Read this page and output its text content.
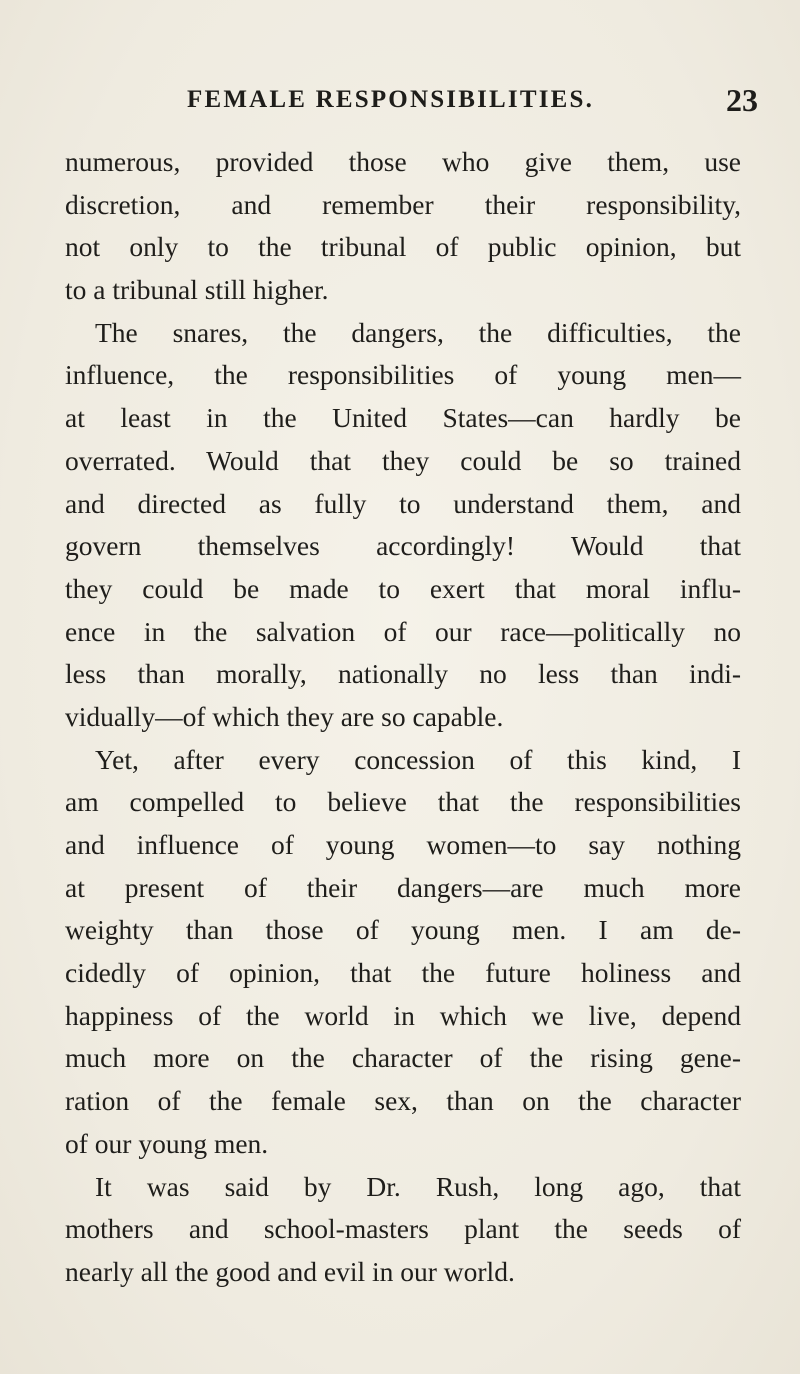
FEMALE RESPONSIBILITIES.	23
numerous, provided those who give them, use
discretion, and remember their responsibility,
not only to the tribunal of public opinion, but
to a tribunal still higher.
The snares, the dangers, the difficulties, the
influence, the responsibilities of young men—
at least in the United States—can hardly be
overrated. Would that they could be so trained
and directed as fully to understand them, and
govern themselves accordingly! Would that
they could be made to exert that moral influ-
ence in the salvation of our race—politically no
less than morally, nationally no less than indi-
vidually—of which they are so capable.
Yet, after every concession of this kind, I
am compelled to believe that the responsibilities
and influence of young women—to say nothing
at present of their dangers—are much more
weighty than those of young men. I am de-
cidedly of opinion, that the future holiness and
happiness of the world in which we live, depend
much more on the character of the rising gene-
ration of the female sex, than on the character
of our young men.
It was said by Dr. Rush, long ago, that
mothers and school-masters plant the seeds of
nearly all the good and evil in our world.
